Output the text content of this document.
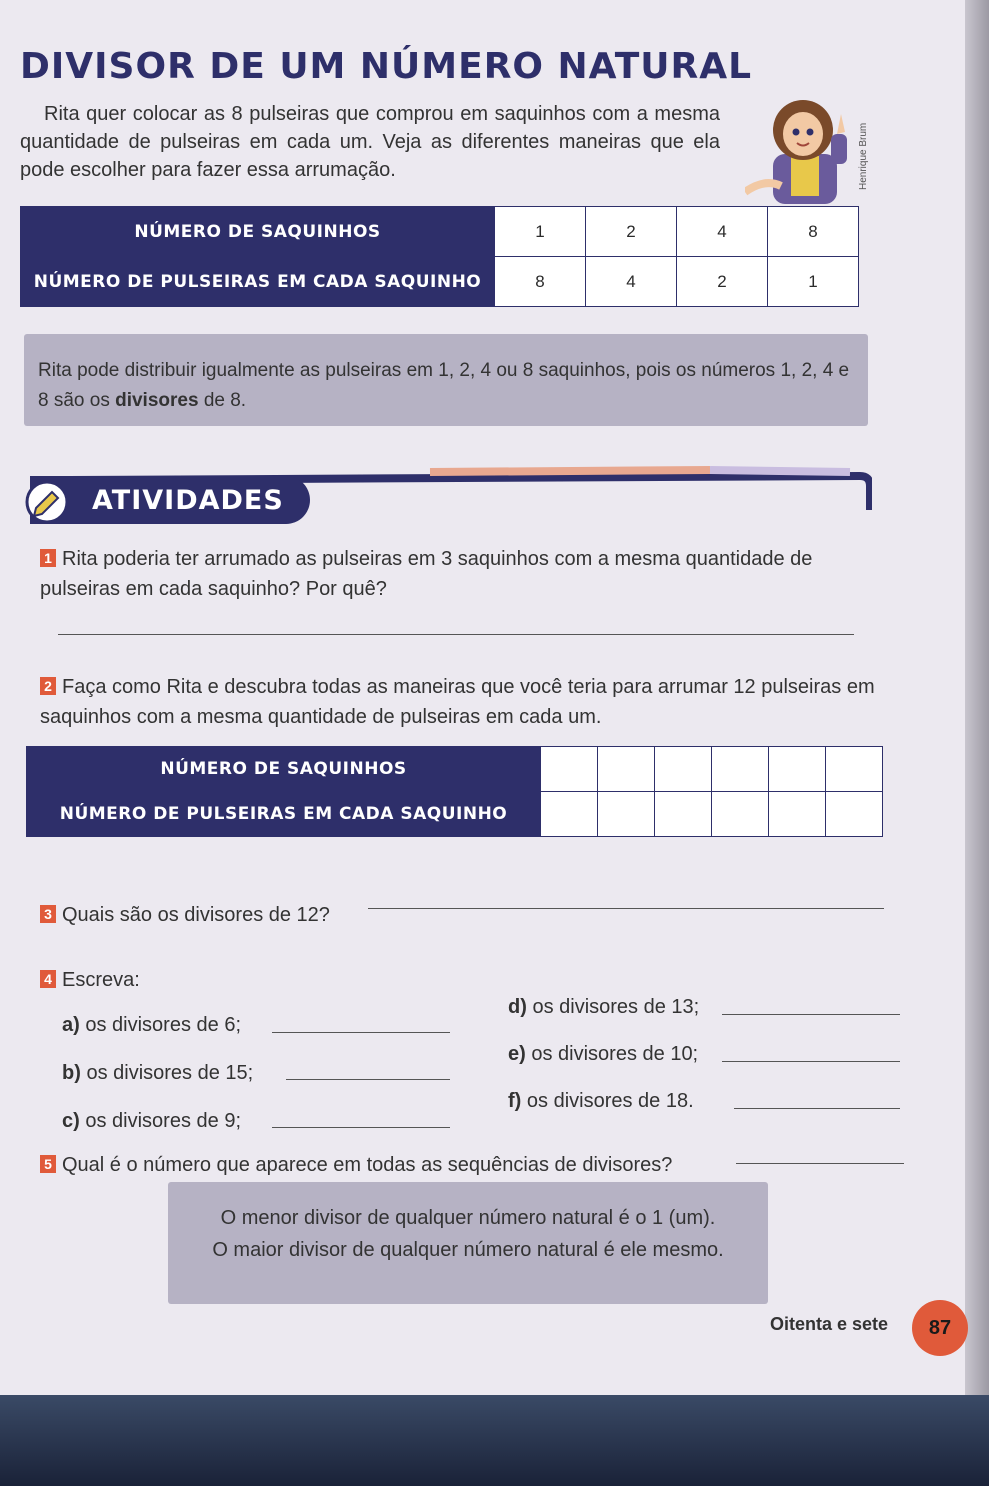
DIVISOR DE UM NÚMERO NATURAL

Rita quer colocar as 8 pulseiras que comprou em saquinhos com a mesma quantidade de pulseiras em cada um. Veja as diferentes maneiras que ela pode escolher para fazer essa arrumação.	Henrique Brum
NÚMERO DE SAQUINHOS	1	2	4	8
NÚMERO DE PULSEIRAS EM CADA SAQUINHO	8	4	2	1
Rita pode distribuir igualmente as pulseiras em 1, 2, 4 ou 8 saquinhos, pois os números 1, 2, 4 e 8 são os divisores de 8.
ATIVIDADES
1 Rita poderia ter arrumado as pulseiras em 3 saquinhos com a mesma quantidade de pulseiras em cada saquinho? Por quê?
2 Faça como Rita e descubra todas as maneiras que você teria para arrumar 12 pulseiras em saquinhos com a mesma quantidade de pulseiras em cada um.
NÚMERO DE SAQUINHOS						
NÚMERO DE PULSEIRAS EM CADA SAQUINHO						
3 Quais são os divisores de 12?
4 Escreva:
a) os divisores de 6;
b) os divisores de 15;
c) os divisores de 9;
d) os divisores de 13;
e) os divisores de 10;
f) os divisores de 18.
5 Qual é o número que aparece em todas as sequências de divisores?
O menor divisor de qualquer número natural é o 1 (um).
O maior divisor de qualquer número natural é ele mesmo.
Oitenta e sete	87
